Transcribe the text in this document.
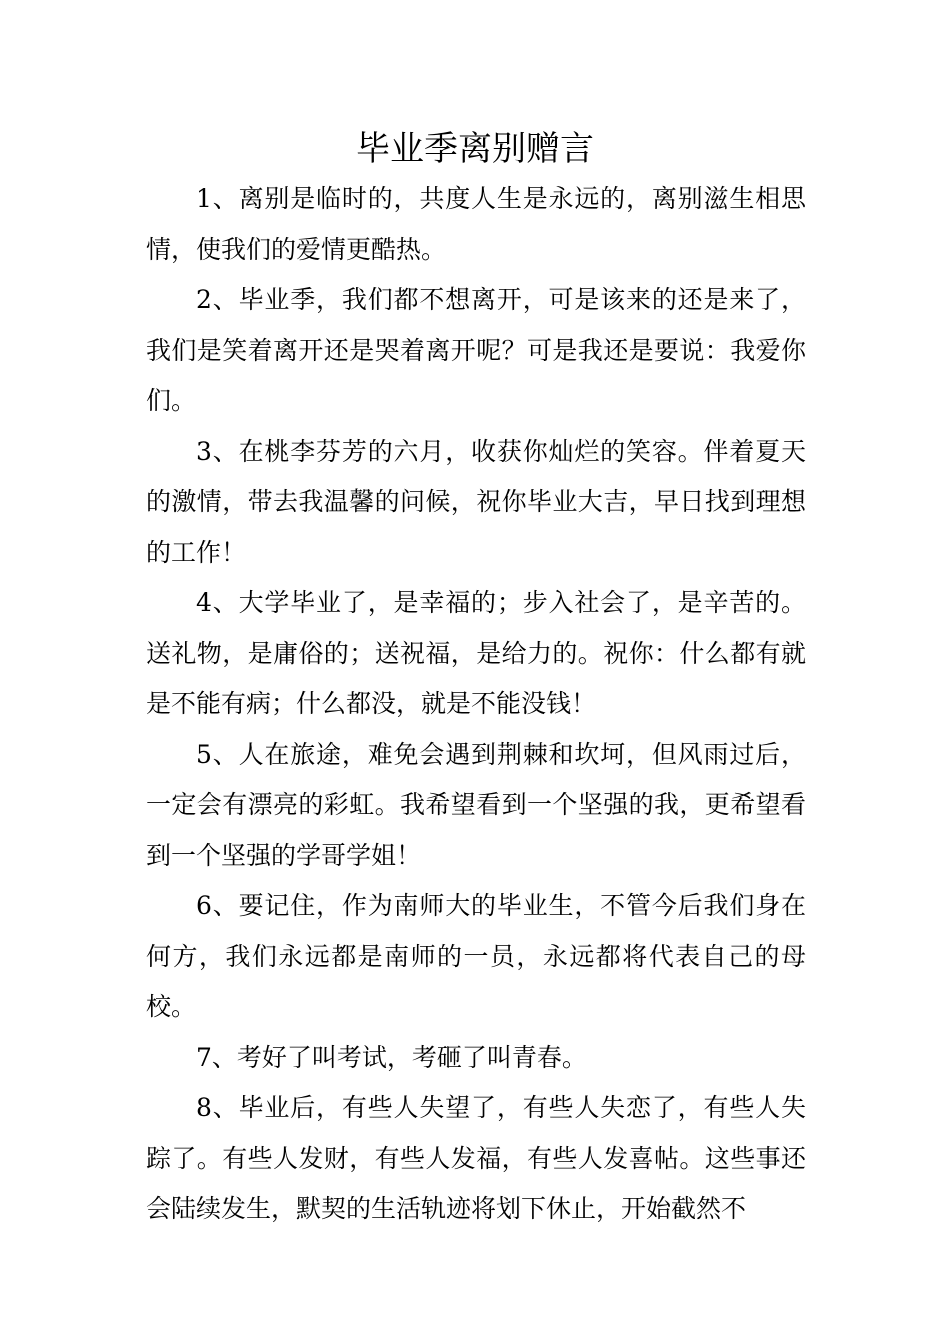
毕业季离别赠言

1、离别是临时的，共度人生是永远的，离别滋生相思情，使我们的爱情更酷热。

2、毕业季，我们都不想离开，可是该来的还是来了，我们是笑着离开还是哭着离开呢？可是我还是要说：我爱你们。

3、在桃李芬芳的六月，收获你灿烂的笑容。伴着夏天的激情，带去我温馨的问候，祝你毕业大吉，早日找到理想的工作！

4、大学毕业了，是幸福的；步入社会了，是辛苦的。送礼物，是庸俗的；送祝福，是给力的。祝你：什么都有就是不能有病；什么都没，就是不能没钱！

5、人在旅途，难免会遇到荆棘和坎坷，但风雨过后，一定会有漂亮的彩虹。我希望看到一个坚强的我，更希望看到一个坚强的学哥学姐！

6、要记住，作为南师大的毕业生，不管今后我们身在何方，我们永远都是南师的一员，永远都将代表自己的母校。

7、考好了叫考试，考砸了叫青春。

8、毕业后，有些人失望了，有些人失恋了，有些人失踪了。有些人发财，有些人发福，有些人发喜帖。这些事还会陆续发生，默契的生活轨迹将划下休止，开始截然不
